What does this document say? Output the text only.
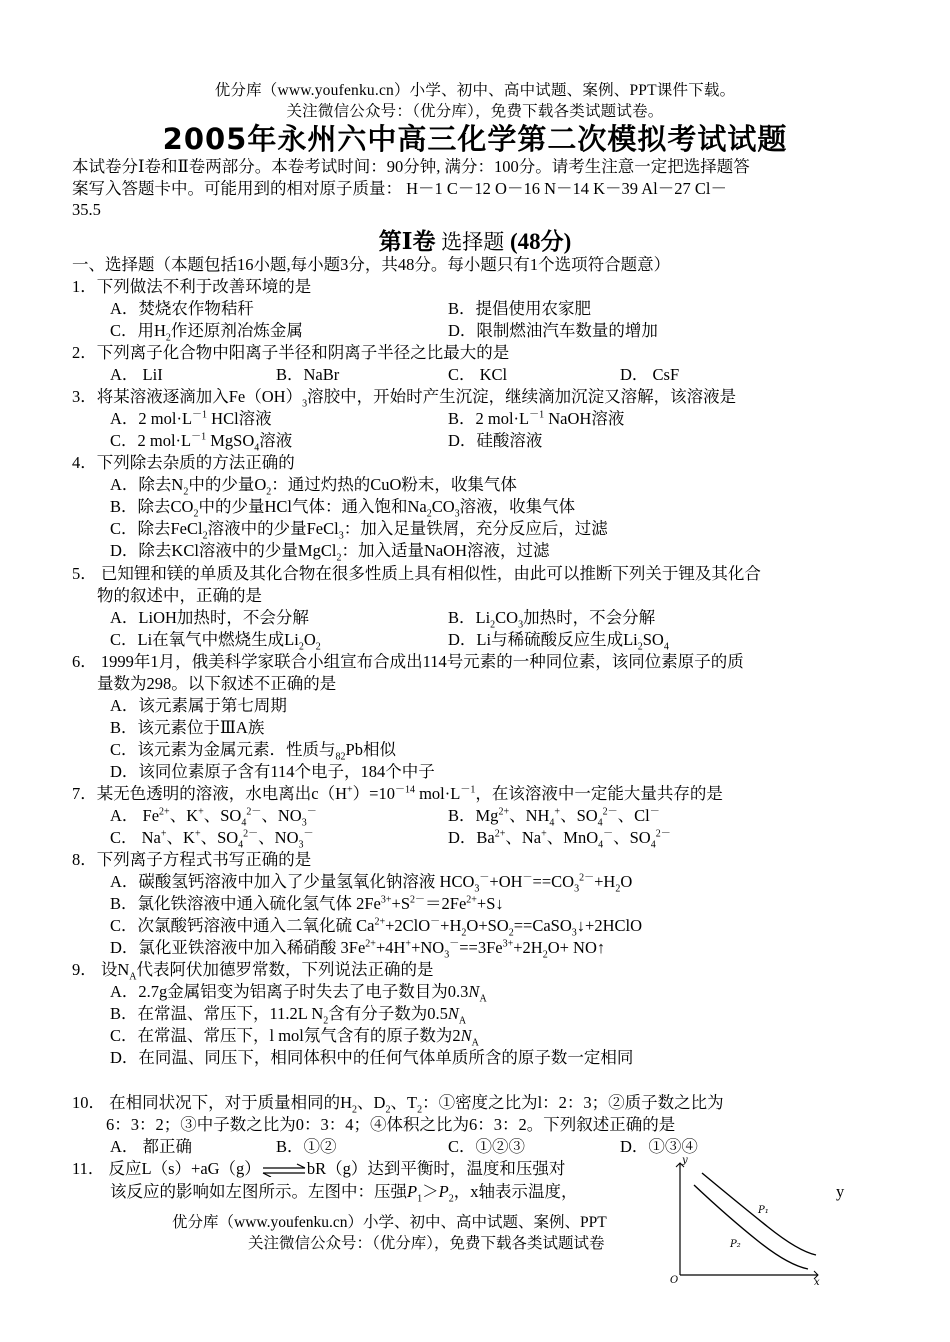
优分库（www.youfenku.cn）小学、初中、高中试题、案例、PPT课件下载。
关注微信公众号：（优分库），免费下载各类试题试卷。
2005年永州六中高三化学第二次模拟考试试题
本试卷分Ⅰ卷和Ⅱ卷两部分。本卷考试时间：90分钟, 满分：100分。请考生注意一定把选择题答
案写入答题卡中。可能用到的相对原子质量： H－1 C－12 O－16 N－14 K－39 Al－27 Cl－
35.5
第Ⅰ卷 选择题 (48分)
一、选择题（本题包括16小题,每小题3分，共48分。每小题只有1个选项符合题意）
1．下列做法不利于改善环境的是
A．焚烧农作物秸秆	B．提倡使用农家肥
C．用$H_2$作还原剂冶炼金属	D．限制燃油汽车数量的增加
2．下列离子化合物中阳离子半径和阴离子半径之比最大的是
A． LiI	B．NaBr	C． KCl	D． CsF
3．将某溶液逐滴加入$Fe(OH)_3$溶胶中，开始时产生沉淀，继续滴加沉淀又溶解，该溶液是
A．2 $mol\cdot L^{-1}$ HCl溶液	B．2 $mol\cdot L^{-1}$ NaOH溶液
C．2 $mol\cdot L^{-1}$ MgSO$_4$溶液	D．硅酸溶液
4．下列除去杂质的方法正确的
A．除去$N_2$中的少量$O_2$：通过灼热的CuO粉末，收集气体
B．除去$CO_2$中的少量HCl气体：通入饱和$Na_2CO_3$溶液，收集气体
C．除去FeCl$_2$溶液中的少量FeCl$_3$：加入足量铁屑，充分反应后，过滤
D．除去KCl溶液中的少量MgCl$_2$：加入适量NaOH溶液，过滤
5． 已知锂和镁的单质及其化合物在很多性质上具有相似性，由此可以推断下列关于锂及其化合
物的叙述中，正确的是
A．LiOH加热时，不会分解	B．$Li_2CO_3$加热时，不会分解
C．Li在氧气中燃烧生成$Li_2O_2$	D．Li与稀硫酸反应生成$Li_2SO_4$
6． 1999年1月，俄美科学家联合小组宣布合成出114号元素的一种同位素，该同位素原子的质
量数为298。以下叙述不正确的是
A．该元素属于第七周期
B．该元素位于ⅢA族
C．该元素为金属元素．性质与$_{82}$Pb相似
D．该同位素原子含有114个电子，184个中子
7．某无色透明的溶液，水电离出$c(H^+)=10^{-14}$ $mol\cdot L^{-1}$，在该溶液中一定能大量共存的是
A． $Fe^{2+}$、K+、$SO_4^{2-}$、$NO_3^-$	B．$Mg^{2+}$、$NH_4^+$、$SO_4^{2-}$、Cl－
C． Na+、K+、$SO_4^{2-}$、$NO_3^-$	D．$Ba^{2+}$、Na+、MnO$_4$－、$SO_4^{2-}$
8．下列离子方程式书写正确的是
A．碳酸氢钙溶液中加入了少量氢氧化钠溶液 $HCO_3^-+OH^-==CO_3^{2-}+H_2O$
B．氯化铁溶液中通入硫化氢气体 $2Fe^{3+}+S^{2-}=2Fe^{2+}+S↓$
C．次氯酸钙溶液中通入二氧化硫 $Ca^{2+}+2ClO^-+H_2O+SO_2==CaSO_3↓+2HClO$
D．氯化亚铁溶液中加入稀硝酸 $3Fe^{2+}+4H^++NO_3^-==3Fe^{3+}+2H_2O+$ NO↑
9． 设$N_A$代表阿伏加德罗常数，下列说法正确的是
A．2.7g金属铝变为铝离子时失去了电子数目为$0.3N_A$
B．在常温、常压下，11.2L $N_2$含有分子数为$0.5N_A$
C．在常温、常压下，l mol氖气含有的原子数为$2N_A$
D．在同温、同压下，相同体积中的任何气体单质所含的原子数一定相同
10． 在相同状况下，对于质量相同的$H_2$、$D_2$、$T_2$：①密度之比为l：2：3；②质子数之比为
6：3：2；③中子数之比为0：3：4；④体积之比为6：3：2。下列叙述正确的是
A． 都正确	B．①②	C．①②③	D．①③④
11． 反应L（s）+aG（g）⇌bR（g）达到平衡时，温度和压强对
该反应的影响如左图所示。左图中：压强$P_1>P_2$，x轴表示温度，	y
y
x
O
P₁
P₂
优分库（www.youfenku.cn）小学、初中、高中试题、案例、PPT
关注微信公众号：（优分库），免费下载各类试题试卷
